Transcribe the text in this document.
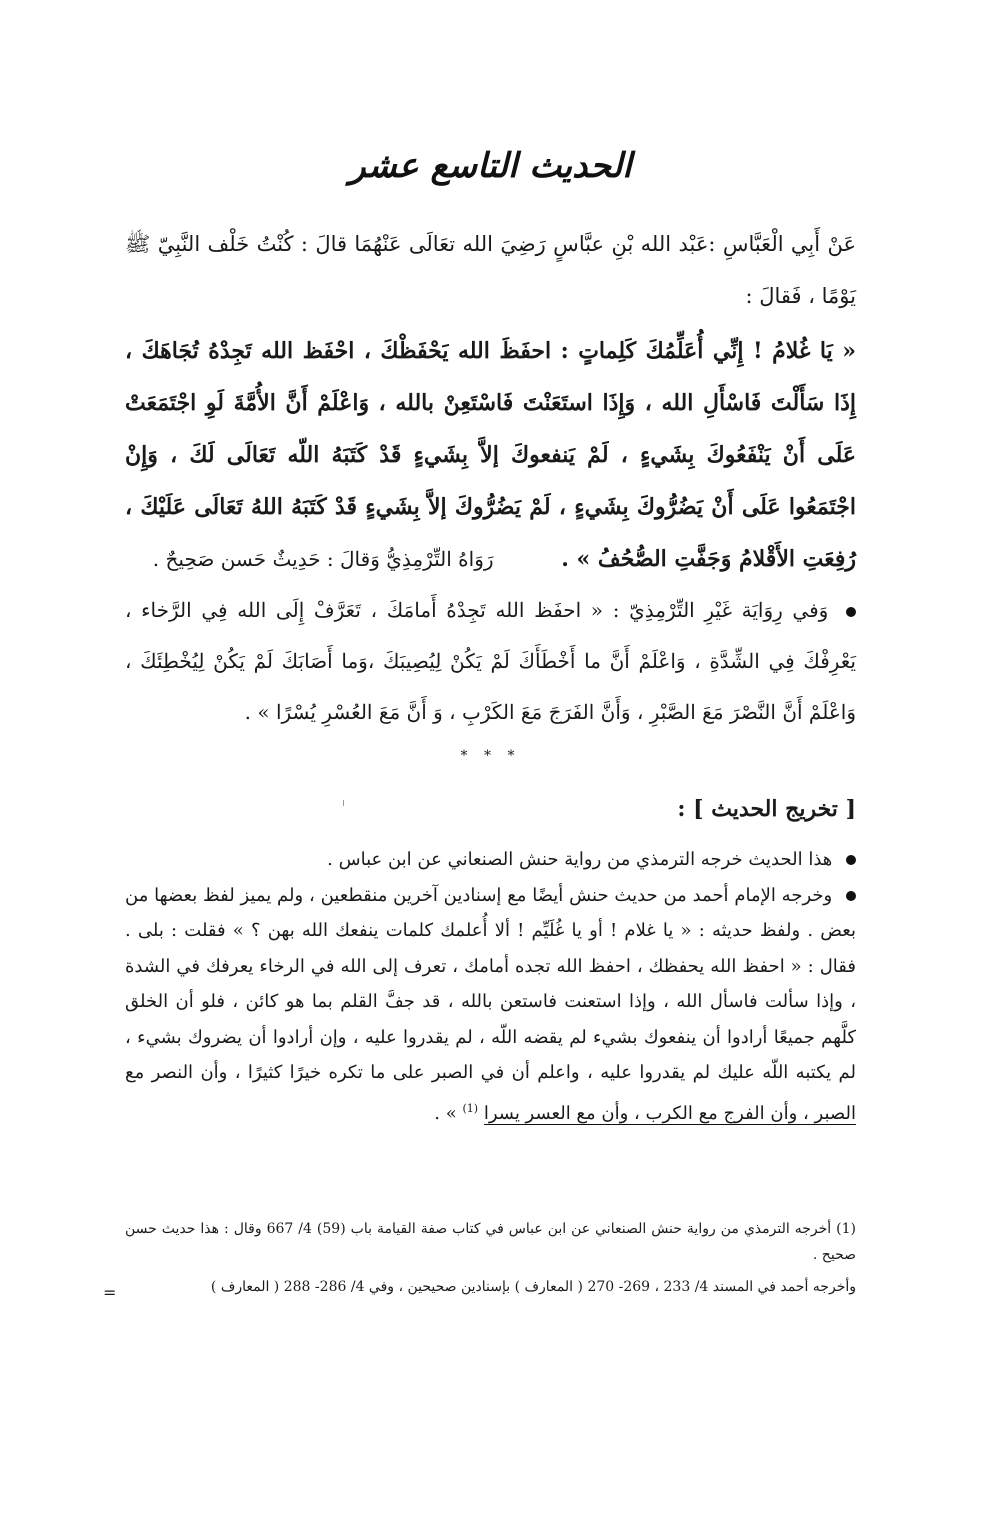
الحديث التاسع عشر
عَنْ أَبِي الْعَبَّاسِ :عَبْد الله بْنِ عبَّاسٍ رَضِيَ الله تعَالَى عَنْهُمَا قالَ : كُنْتُ خَلْف النَّبِيّ ﷺ يَوْمًا ، فَقالَ :
« يَا غُلامُ ! إِنِّي أُعَلِّمُكَ كَلِماتٍ : احفَظَ الله يَحْفَظْكَ ، احْفَظ الله تَجِدْهُ تُجَاهَكَ ، إِذَا سَأَلْتَ فَاسْأَلِ الله ، وَإِذَا استَعَنْتَ فَاسْتَعِنْ بالله ، وَاعْلَمْ أَنَّ الأُمَّةَ لَوِ اجْتَمَعَتْ عَلَى أَنْ يَنْفَعُوكَ بِشَيءٍ ، لَمْ يَنفعوكَ إلاَّ بِشَيءٍ قَدْ كَتَبَهُ اللّه تَعَالَى لَكَ ، وَإِنْ اجْتَمَعُوا عَلَى أَنْ يَضُرُّوكَ بِشَيءٍ ، لَمْ يَضُرُّوكَ إلاَّ بِشَيءٍ قَدْ كَتَبَهُ اللهُ تَعَالَى عَلَيْكَ ، رُفِعَتِ الأَقْلامُ وَجَفَّتِ الصُّحُفُ » . رَوَاهُ التِّرْمِذِيُّ وَقالَ : حَدِيثٌ حَسن صَحِيحٌ .
وَفي رِوَايَة غَيْرِ التِّرْمِذِيّ : « احفَظ الله تَجِدْهُ أَمامَكَ ، تَعَرَّفْ إِلَى الله فِي الرَّخاء ، يَعْرِفْكَ فِي الشِّدَّةِ ، وَاعْلَمْ أَنَّ ما أَخْطَأَكَ لَمْ يَكُنْ لِيُصِيبَكَ ،وَما أَصَابَكَ لَمْ يَكُنْ لِيُخْطِئَكَ ، وَاعْلَمْ أَنَّ النَّصْرَ مَعَ الصَّبْرِ ، وَأَنَّ الفَرَجَ مَعَ الكَرْبِ ، وَ أَنَّ مَعَ العُسْرِ يُسْرًا » .
* * *
[ تخريج الحديث ] :

هذا الحديث خرجه الترمذي من رواية حنش الصنعاني عن ابن عباس .

وخرجه الإمام أحمد من حديث حنش أيضًا مع إسنادين آخرين منقطعين ، ولم يميز لفظ بعضها من بعض . ولفظ حديثه : « يا غلام ! أو يا غُلَيِّم ! ألا أُعلمك كلمات ينفعك الله بهن ؟ » فقلت : بلى . فقال : « احفظ الله يحفظك ، احفظ الله تجده أمامك ، تعرف إلى الله في الرخاء يعرفك في الشدة ، وإذا سألت فاسأل الله ، وإذا استعنت فاستعن بالله ، قد جفَّ القلم بما هو كائن ، فلو أن الخلق كلَّهم جميعًا أرادوا أن ينفعوك بشيء لم يقضه اللّه ، لم يقدروا عليه ، وإن أرادوا أن يضروك بشيء ، لم يكتبه اللّه عليك لم يقدروا عليه ، واعلم أن في الصبر على ما تكره خيرًا كثيرًا ، وأن النصر مع الصبر ، وأن الفرج مع الكرب ، وأن مع العسر يسرا $^{(1)}$ » .

(1) أخرجه الترمذي من رواية حنش الصنعاني عن ابن عباس في كتاب صفة القيامة باب (59) 4/ 667 وقال : هذا حديث حسن صحيح .

وأخرجه أحمد في المسند 4/ 233 ، 269- 270 ( المعارف ) بإسنادين صحيحين ، وفي 4/ 286- 288 ( المعارف )

=
